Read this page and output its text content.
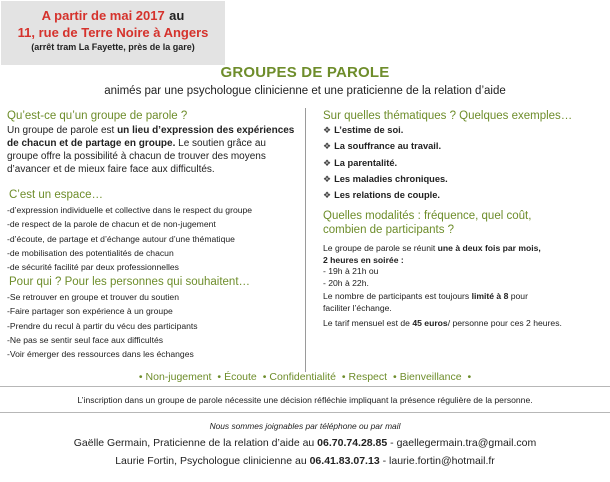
A partir de mai 2017 au
11, rue de Terre Noire à Angers
(arrêt tram La Fayette, près de la gare)
GROUPES DE PAROLE
animés par une psychologue clinicienne et une praticienne de la relation d’aide
Qu’est-ce qu’un groupe de parole ?
Un groupe de parole est un lieu d’expression des expériences de chacun et de partage en groupe. Le soutien grâce au groupe offre la possibilité à chacun de trouver des moyens d’avancer et de mieux faire face aux difficultés.
C’est un espace…
-d’expression individuelle et collective dans le respect du groupe
-de respect de la parole de chacun et de non-jugement
-d’écoute, de partage et d’échange autour d’une thématique
-de mobilisation des potentialités de chacun
-de sécurité facilité par deux professionnelles
Pour qui ? Pour les personnes qui souhaitent…
-Se retrouver en groupe et trouver du soutien
-Faire partager son expérience à un groupe
-Prendre du recul à partir du vécu des participants
-Ne pas se sentir seul face aux difficultés
-Voir émerger des ressources dans les échanges
Sur quelles thématiques ? Quelques exemples…
❖ L’estime de soi.
❖ La souffrance au travail.
❖ La parentalité.
❖ Les maladies chroniques.
❖ Les relations de couple.
Quelles modalités : fréquence, quel coût,
combien de participants ?
Le groupe de parole se réunit une à deux fois par mois,
2 heures en soirée :
- 19h à 21h ou
- 20h à 22h.
Le nombre de participants est toujours limité à 8 pour faciliter l’échange.
Le tarif mensuel est de 45 euros/ personne pour ces 2 heures.
• Non-jugement • Écoute • Confidentialité • Respect • Bienveillance •
L’inscription dans un groupe de parole nécessite une décision réfléchie impliquant la présence régulière de la personne.
Nous sommes joignables par téléphone ou par mail
Gaëlle Germain, Praticienne de la relation d’aide au 06.70.74.28.85 - gaellegermain.tra@gmail.com
Laurie Fortin, Psychologue clinicienne au 06.41.83.07.13 - laurie.fortin@hotmail.fr
